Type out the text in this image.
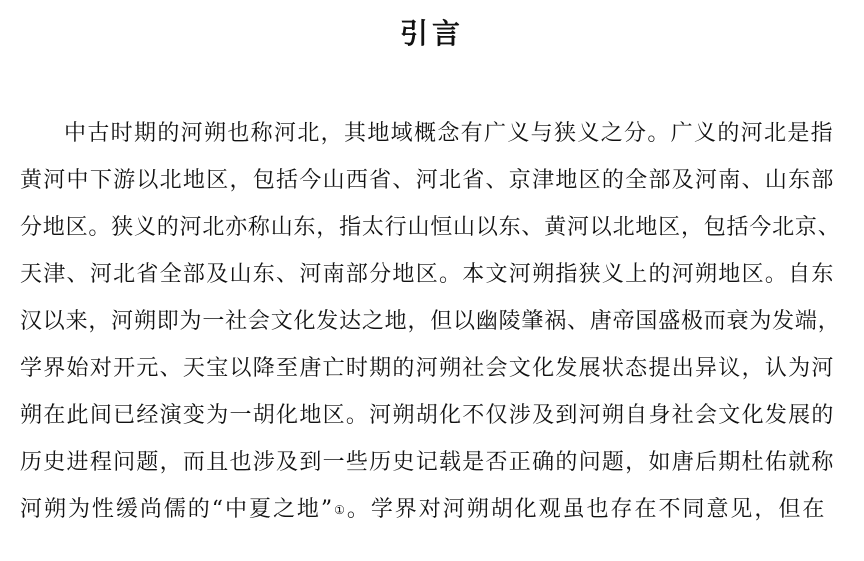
引言
中古时期的河朔也称河北，其地域概念有广义与狭义之分。广义的河北是指
黄河中下游以北地区，包括今山西省、河北省、京津地区的全部及河南、山东部
分地区。狭义的河北亦称山东，指太行山恒山以东、黄河以北地区，包括今北京、
天津、河北省全部及山东、河南部分地区。本文河朔指狭义上的河朔地区。自东
汉以来，河朔即为一社会文化发达之地，但以幽陵肇祸、唐帝国盛极而衰为发端，
学界始对开元、天宝以降至唐亡时期的河朔社会文化发展状态提出异议，认为河
朔在此间已经演变为一胡化地区。河朔胡化不仅涉及到河朔自身社会文化发展的
历史进程问题，而且也涉及到一些历史记载是否正确的问题，如唐后期杜佑就称
河朔为性缓尚儒的“中夏之地” ① 。学界对河朔胡化观虽也存在不同意见，但在
